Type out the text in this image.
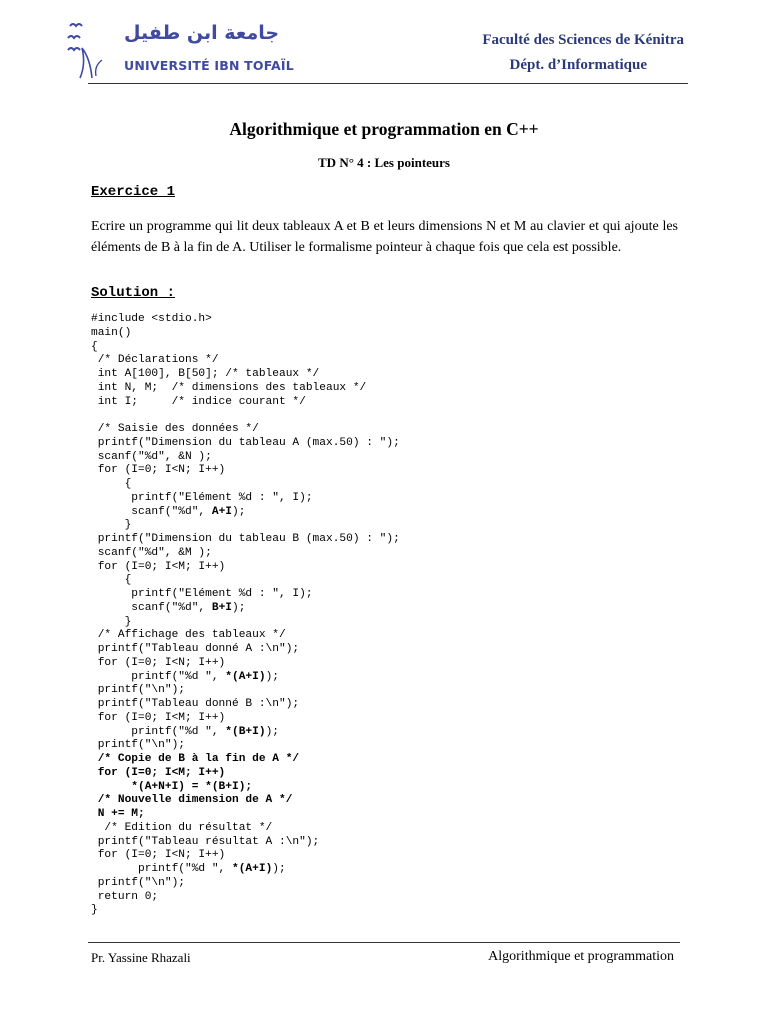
جامعة ابن طفيل
UNIVERSITÉ IBN TOFAÏL
Faculté des Sciences de Kénitra
Dépt. d’Informatique
Algorithmique et programmation en C++
TD N° 4 : Les pointeurs
Exercice 1
Ecrire un programme qui lit deux tableaux A et B et leurs dimensions N et M au clavier et qui ajoute les éléments de B à la fin de A. Utiliser le formalisme pointeur à chaque fois que cela est possible.
Solution :
#include <stdio.h>
main()
{
/* Déclarations */
int A[100], B[50]; /* tableaux */
int N, M;  /* dimensions des tableaux */
int I;     /* indice courant */
/* Saisie des données */
printf("Dimension du tableau A (max.50) : ");
scanf("%d", &N );
for (I=0; I<N; I++)
{
printf("Elément %d : ", I);
scanf("%d", A+I);
}
printf("Dimension du tableau B (max.50) : ");
scanf("%d", &M );
for (I=0; I<M; I++)
{
printf("Elément %d : ", I);
scanf("%d", B+I);
}
/* Affichage des tableaux */
printf("Tableau donné A :\n");
for (I=0; I<N; I++)
printf("%d ", *(A+I));
printf("\n");
printf("Tableau donné B :\n");
for (I=0; I<M; I++)
printf("%d ", *(B+I));
printf("\n");
/* Copie de B à la fin de A */
for (I=0; I<M; I++)
*(A+N+I) = *(B+I);
/* Nouvelle dimension de A */
N += M;
/* Edition du résultat */
printf("Tableau résultat A :\n");
for (I=0; I<N; I++)
printf("%d ", *(A+I));
printf("\n");
return 0;
}
Pr. Yassine Rhazali	Algorithmique et programmation
